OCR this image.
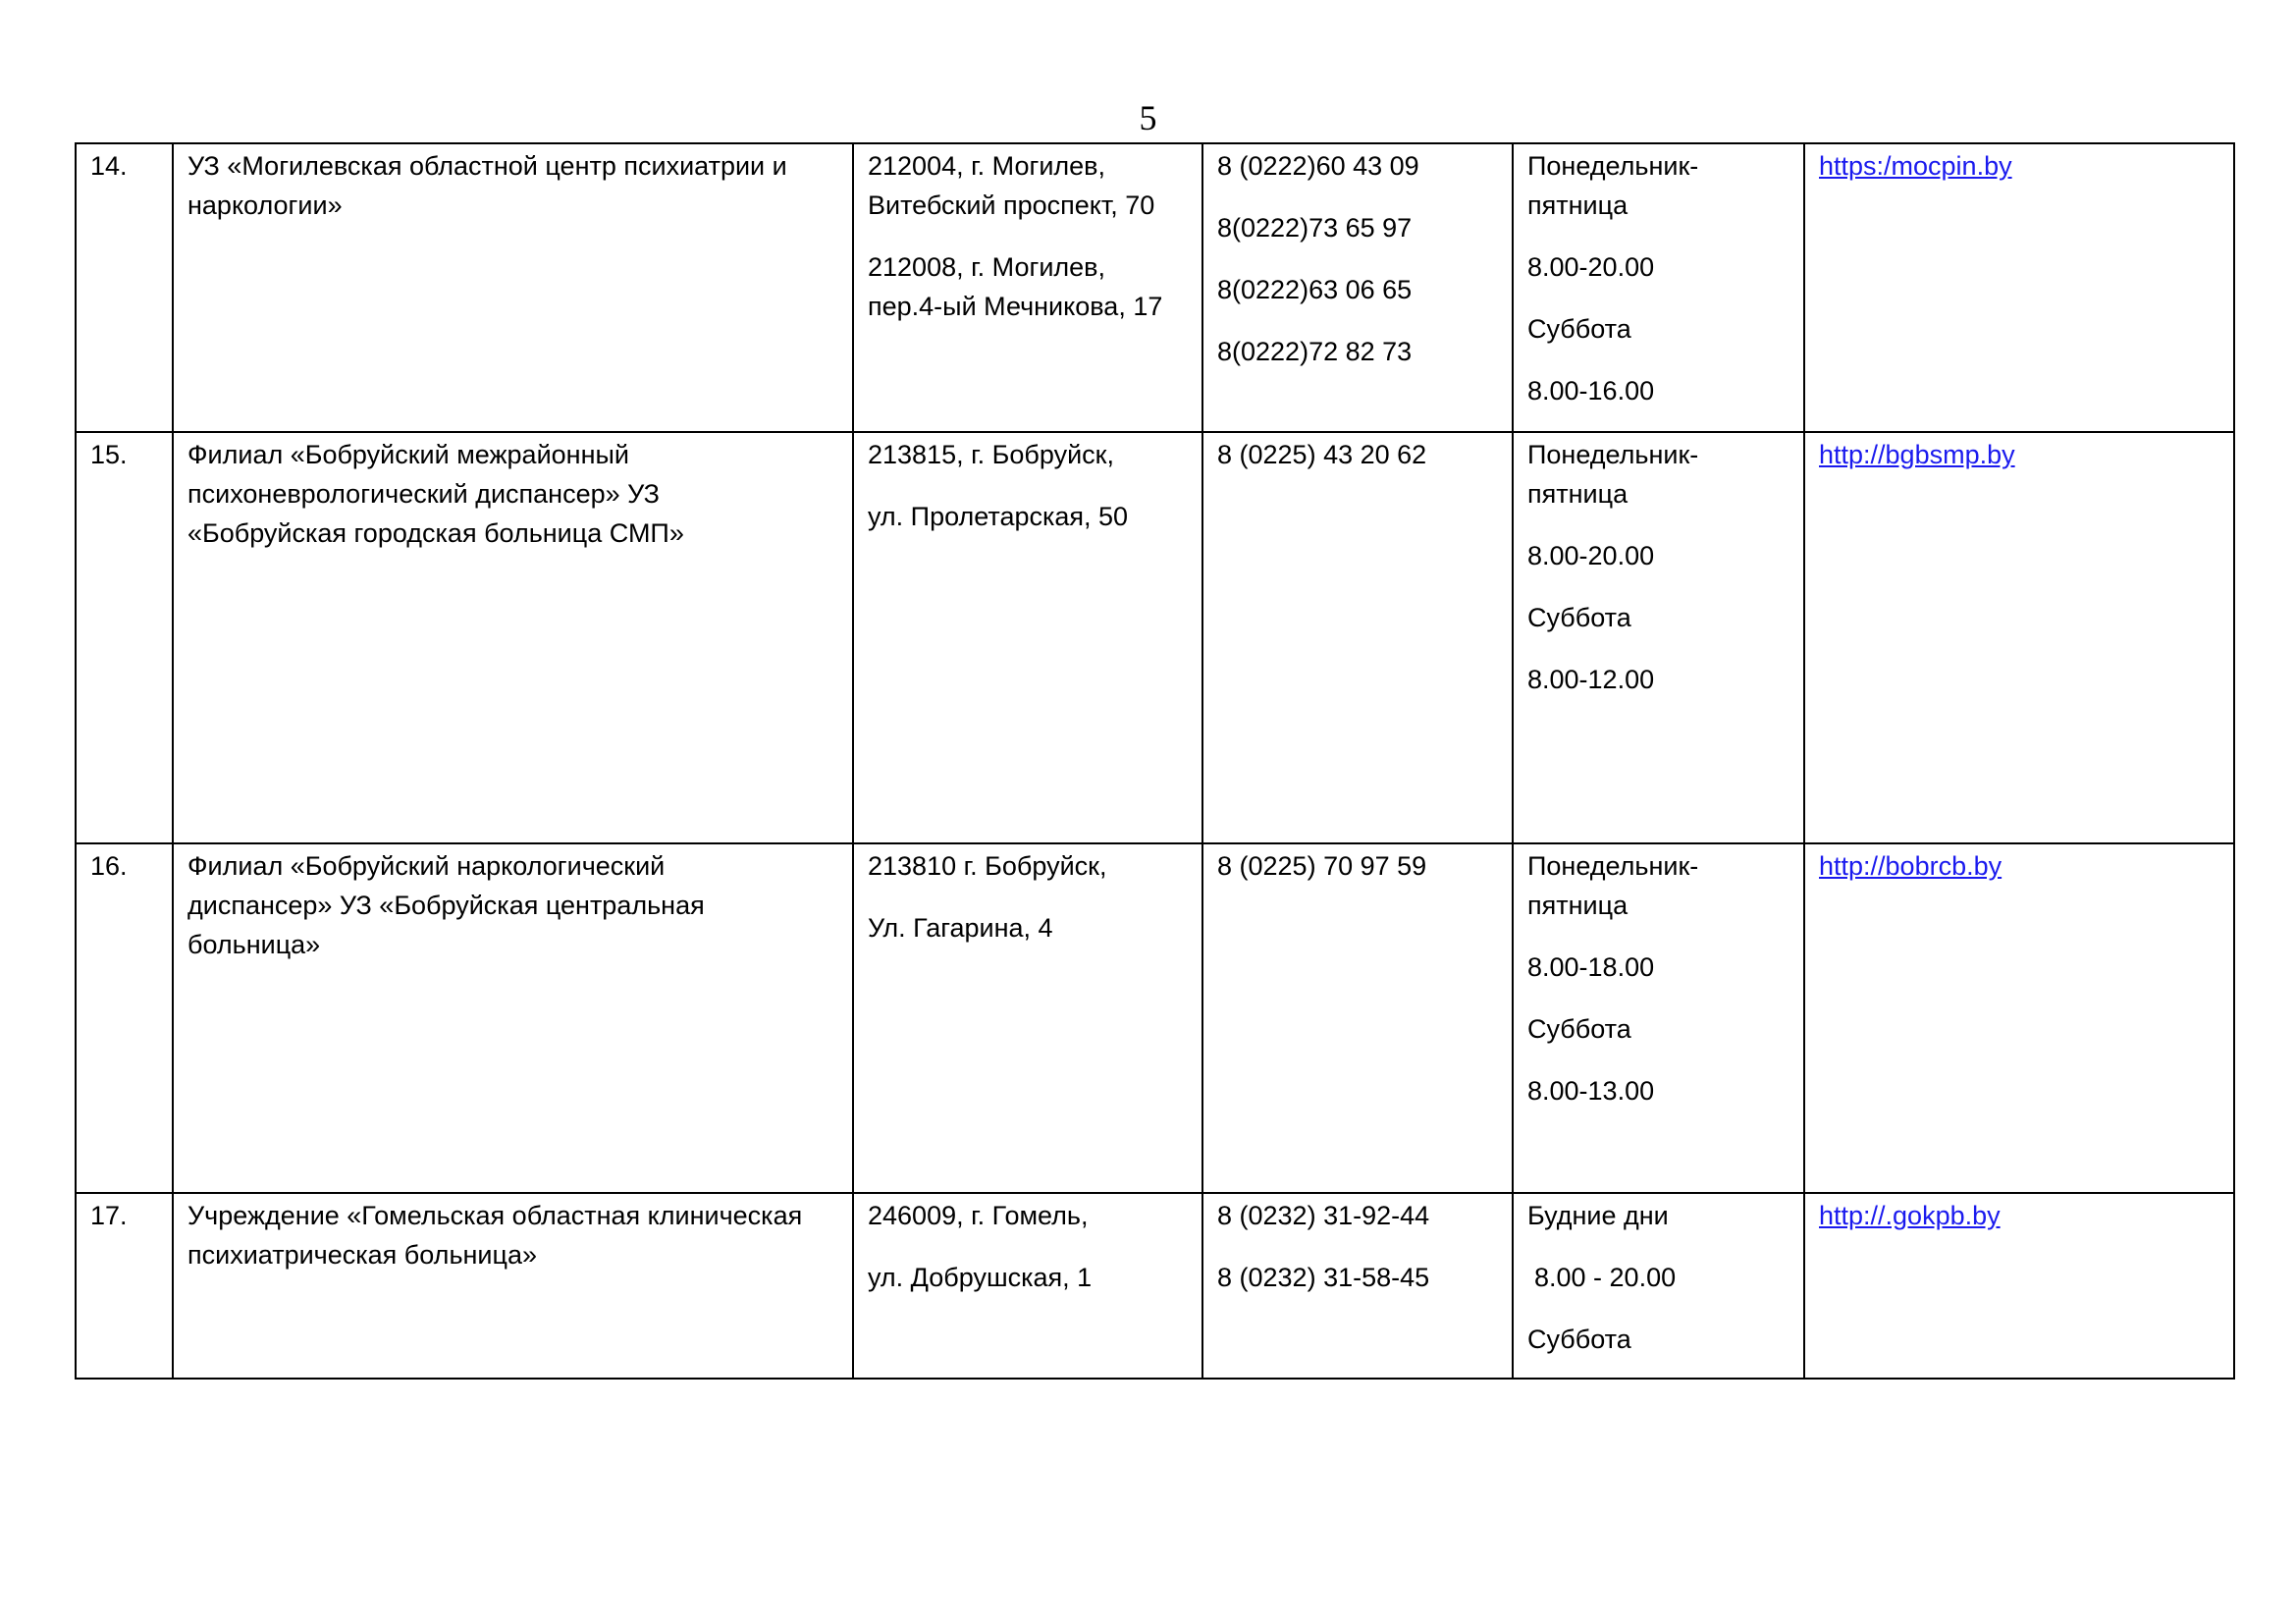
5
14.	УЗ «Могилевская областной центр психиатрии и
наркологии»	212004, г. Могилев,
Витебский проспект, 70
212008, г. Могилев,
пер.4-ый Мечникова, 17	8 (0222)60 43 09
8(0222)73 65 97
8(0222)63 06 65
8(0222)72 82 73	Понедельник-
пятница
8.00-20.00
Суббота
8.00-16.00	https:/mocpin.by

15.	Филиал «Бобруйский межрайонный
психоневрологический диспансер» УЗ
«Бобруйская городская больница СМП»	213815, г. Бобруйск,
ул. Пролетарская, 50	8 (0225) 43 20 62	Понедельник-
пятница
8.00-20.00
Суббота
8.00-12.00	http://bgbsmp.by

16.	Филиал «Бобруйский наркологический
диспансер» УЗ «Бобруйская центральная
больница»	213810 г. Бобруйск,
Ул. Гагарина, 4	8 (0225) 70 97 59	Понедельник-
пятница
8.00-18.00
Суббота
8.00-13.00	http://bobrcb.by

17.	Учреждение «Гомельская областная клиническая
психиатрическая больница»	246009, г. Гомель,
ул. Добрушская, 1	8 (0232) 31-92-44
8 (0232) 31-58-45	Будние дни
8.00 - 20.00
Суббота	http://.gokpb.by
